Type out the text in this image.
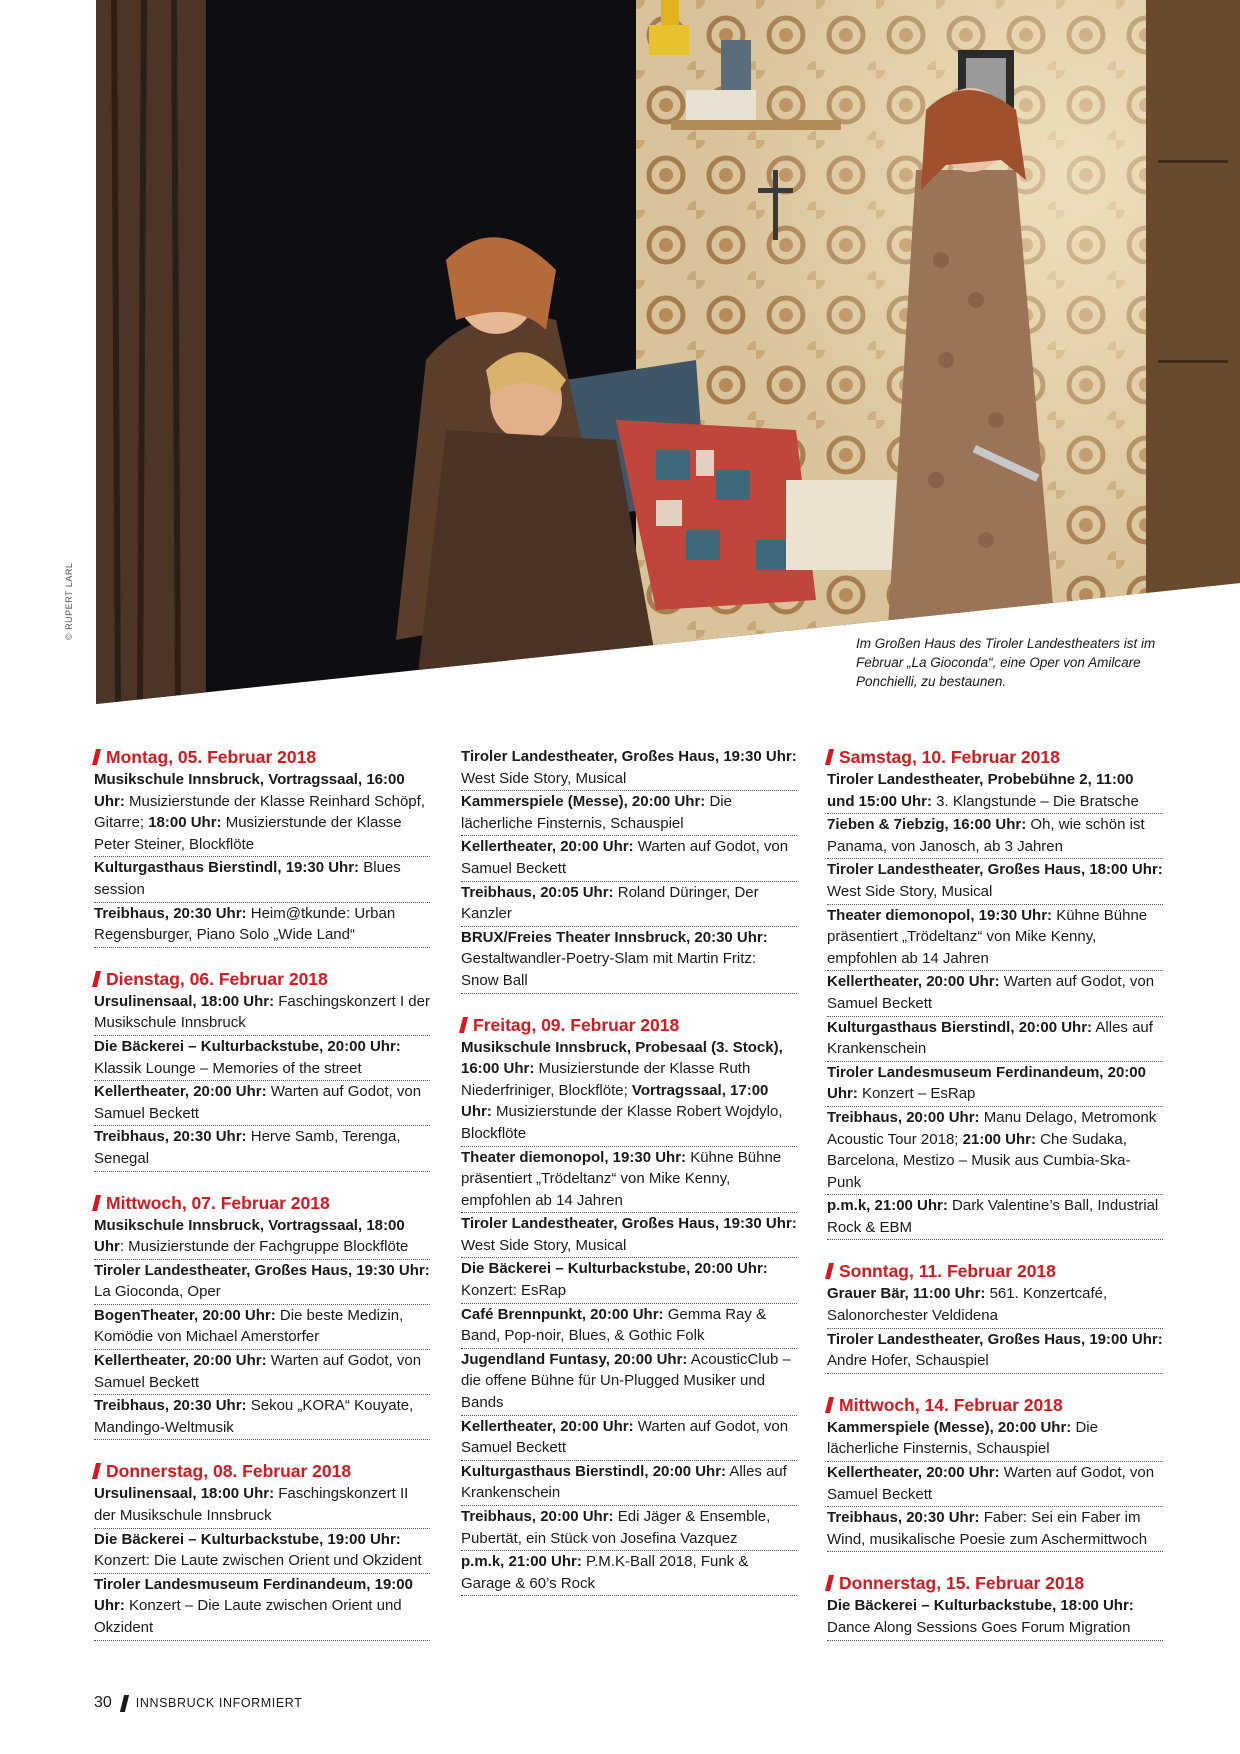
© RUPERT LARL
Im Großen Haus des Tiroler Landestheaters ist im Februar „La Gioconda“, eine Oper von Amilcare Ponchielli, zu bestaunen.
Montag, 05. Februar 2018

Musikschule Innsbruck, Vortragssaal, 16:00 Uhr: Musizierstunde der Klasse Reinhard Schöpf, Gitarre; 18:00 Uhr: Musizierstunde der Klasse Peter Steiner, Blockflöte

Kulturgasthaus Bierstindl, 19:30 Uhr: Blues session

Treibhaus, 20:30 Uhr: Heim@tkunde: Urban Regensburger, Piano Solo „Wide Land“

Dienstag, 06. Februar 2018

Ursulinensaal, 18:00 Uhr: Faschingskonzert I der Musikschule Innsbruck

Die Bäckerei – Kulturbackstube, 20:00 Uhr: Klassik Lounge – Memories of the street

Kellertheater, 20:00 Uhr: Warten auf Godot, von Samuel Beckett

Treibhaus, 20:30 Uhr: Herve Samb, Terenga, Senegal

Mittwoch, 07. Februar 2018

Musikschule Innsbruck, Vortragssaal, 18:00 Uhr: Musizierstunde der Fachgruppe Blockflöte

Tiroler Landestheater, Großes Haus, 19:30 Uhr: La Gioconda, Oper

BogenTheater, 20:00 Uhr: Die beste Medizin, Komödie von Michael Amerstorfer

Kellertheater, 20:00 Uhr: Warten auf Godot, von Samuel Beckett

Treibhaus, 20:30 Uhr: Sekou „KORA“ Kouyate, Mandingo-Weltmusik

Donnerstag, 08. Februar 2018

Ursulinensaal, 18:00 Uhr: Faschingskonzert II der Musikschule Innsbruck

Die Bäckerei – Kulturbackstube, 19:00 Uhr: Konzert: Die Laute zwischen Orient und Okzident

Tiroler Landesmuseum Ferdinandeum, 19:00 Uhr: Konzert – Die Laute zwischen Orient und Okzident

Tiroler Landestheater, Großes Haus, 19:30 Uhr: West Side Story, Musical

Kammerspiele (Messe), 20:00 Uhr: Die lächerliche Finsternis, Schauspiel

Kellertheater, 20:00 Uhr: Warten auf Godot, von Samuel Beckett

Treibhaus, 20:05 Uhr: Roland Düringer, Der Kanzler

BRUX/Freies Theater Innsbruck, 20:30 Uhr: Gestaltwandler-Poetry-Slam mit Martin Fritz: Snow Ball

Freitag, 09. Februar 2018

Musikschule Innsbruck, Probesaal (3. Stock), 16:00 Uhr: Musizierstunde der Klasse Ruth Niederfriniger, Blockflöte; Vortragssaal, 17:00 Uhr: Musizierstunde der Klasse Robert Wojdylo, Blockflöte

Theater diemonopol, 19:30 Uhr: Kühne Bühne präsentiert „Trödeltanz“ von Mike Kenny, empfohlen ab 14 Jahren

Tiroler Landestheater, Großes Haus, 19:30 Uhr: West Side Story, Musical

Die Bäckerei – Kulturbackstube, 20:00 Uhr: Konzert: EsRap

Café Brennpunkt, 20:00 Uhr: Gemma Ray & Band, Pop-noir, Blues, & Gothic Folk

Jugendland Funtasy, 20:00 Uhr: AcousticClub – die offene Bühne für Un-Plugged Musiker und Bands

Kellertheater, 20:00 Uhr: Warten auf Godot, von Samuel Beckett

Kulturgasthaus Bierstindl, 20:00 Uhr: Alles auf Krankenschein

Treibhaus, 20:00 Uhr: Edi Jäger & Ensemble, Pubertät, ein Stück von Josefina Vazquez

p.m.k, 21:00 Uhr: P.M.K-Ball 2018, Funk & Garage & 60’s Rock

Samstag, 10. Februar 2018

Tiroler Landestheater, Probebühne 2, 11:00 und 15:00 Uhr: 3. Klangstunde – Die Bratsche

7ieben & 7iebzig, 16:00 Uhr: Oh, wie schön ist Panama, von Janosch, ab 3 Jahren

Tiroler Landestheater, Großes Haus, 18:00 Uhr: West Side Story, Musical

Theater diemonopol, 19:30 Uhr: Kühne Bühne präsentiert „Trödeltanz“ von Mike Kenny, empfohlen ab 14 Jahren

Kellertheater, 20:00 Uhr: Warten auf Godot, von Samuel Beckett

Kulturgasthaus Bierstindl, 20:00 Uhr: Alles auf Krankenschein

Tiroler Landesmuseum Ferdinandeum, 20:00 Uhr: Konzert – EsRap

Treibhaus, 20:00 Uhr: Manu Delago, Metromonk Acoustic Tour 2018; 21:00 Uhr: Che Sudaka, Barcelona, Mestizo – Musik aus Cumbia-Ska-Punk

p.m.k, 21:00 Uhr: Dark Valentine’s Ball, Industrial Rock & EBM

Sonntag, 11. Februar 2018

Grauer Bär, 11:00 Uhr: 561. Konzertcafé, Salonorchester Veldidena

Tiroler Landestheater, Großes Haus, 19:00 Uhr: Andre Hofer, Schauspiel

Mittwoch, 14. Februar 2018

Kammerspiele (Messe), 20:00 Uhr: Die lächerliche Finsternis, Schauspiel

Kellertheater, 20:00 Uhr: Warten auf Godot, von Samuel Beckett

Treibhaus, 20:30 Uhr: Faber: Sei ein Faber im Wind, musikalische Poesie zum Aschermittwoch

Donnerstag, 15. Februar 2018

Die Bäckerei – Kulturbackstube, 18:00 Uhr: Dance Along Sessions Goes Forum Migration

30 INNSBRUCK INFORMIERT
